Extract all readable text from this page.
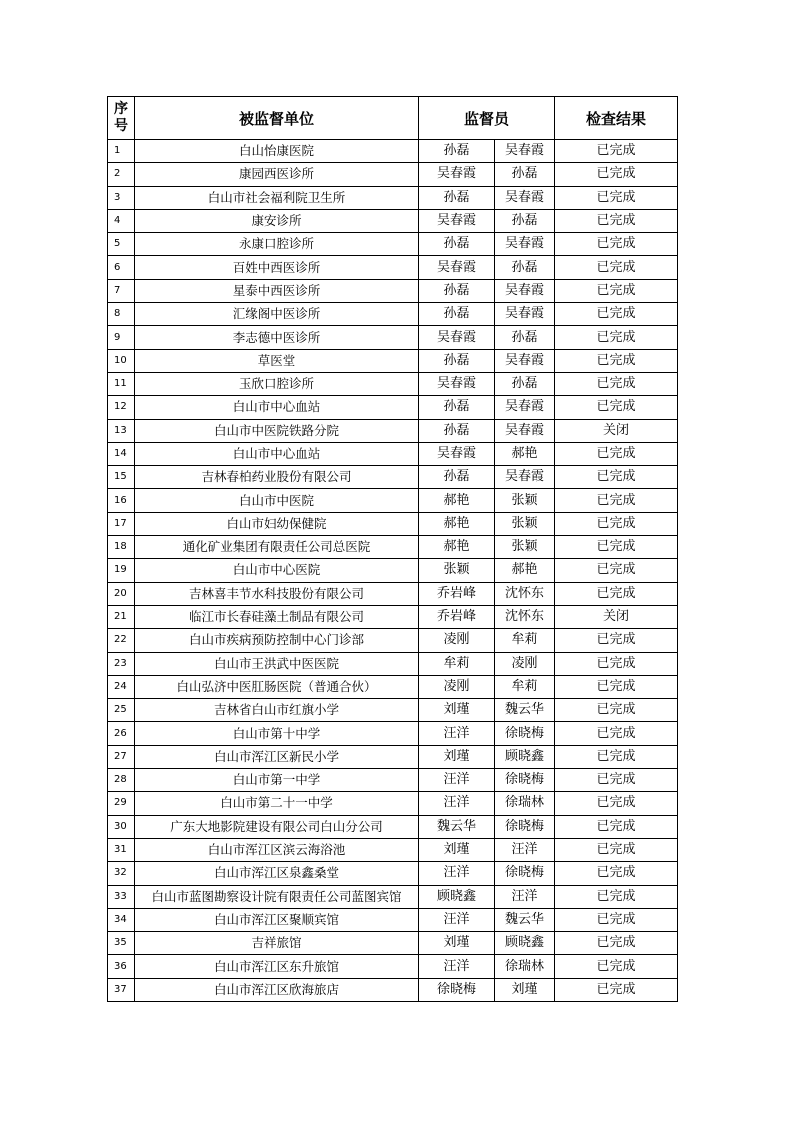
序号	被监督单位	监督员		检查结果
1	白山怡康医院	孙磊	吴春霞	已完成
2	康园西医诊所	吴春霞	孙磊	已完成
3	白山市社会福利院卫生所	孙磊	吴春霞	已完成
4	康安诊所	吴春霞	孙磊	已完成
5	永康口腔诊所	孙磊	吴春霞	已完成
6	百姓中西医诊所	吴春霞	孙磊	已完成
7	星泰中西医诊所	孙磊	吴春霞	已完成
8	汇缘阁中医诊所	孙磊	吴春霞	已完成
9	李志德中医诊所	吴春霞	孙磊	已完成
10	草医堂	孙磊	吴春霞	已完成
11	玉欣口腔诊所	吴春霞	孙磊	已完成
12	白山市中心血站	孙磊	吴春霞	已完成
13	白山市中医院铁路分院	孙磊	吴春霞	关闭
14	白山市中心血站	吴春霞	郝艳	已完成
15	吉林春柏药业股份有限公司	孙磊	吴春霞	已完成
16	白山市中医院	郝艳	张颖	已完成
17	白山市妇幼保健院	郝艳	张颖	已完成
18	通化矿业集团有限责任公司总医院	郝艳	张颖	已完成
19	白山市中心医院	张颖	郝艳	已完成
20	吉林喜丰节水科技股份有限公司	乔岩峰	沈怀东	已完成
21	临江市长春硅藻土制品有限公司	乔岩峰	沈怀东	关闭
22	白山市疾病预防控制中心门诊部	凌刚	牟莉	已完成
23	白山市王洪武中医医院	牟莉	凌刚	已完成
24	白山弘济中医肛肠医院（普通合伙）	凌刚	牟莉	已完成
25	吉林省白山市红旗小学	刘瑾	魏云华	已完成
26	白山市第十中学	汪洋	徐晓梅	已完成
27	白山市浑江区新民小学	刘瑾	顾晓鑫	已完成
28	白山市第一中学	汪洋	徐晓梅	已完成
29	白山市第二十一中学	汪洋	徐瑞林	已完成
30	广东大地影院建设有限公司白山分公司	魏云华	徐晓梅	已完成
31	白山市浑江区滨云海浴池	刘瑾	汪洋	已完成
32	白山市浑江区泉鑫桑堂	汪洋	徐晓梅	已完成
33	白山市蓝图勘察设计院有限责任公司蓝图宾馆	顾晓鑫	汪洋	已完成
34	白山市浑江区聚顺宾馆	汪洋	魏云华	已完成
35	吉祥旅馆	刘瑾	顾晓鑫	已完成
36	白山市浑江区东升旅馆	汪洋	徐瑞林	已完成
37	白山市浑江区欣海旅店	徐晓梅	刘瑾	已完成
